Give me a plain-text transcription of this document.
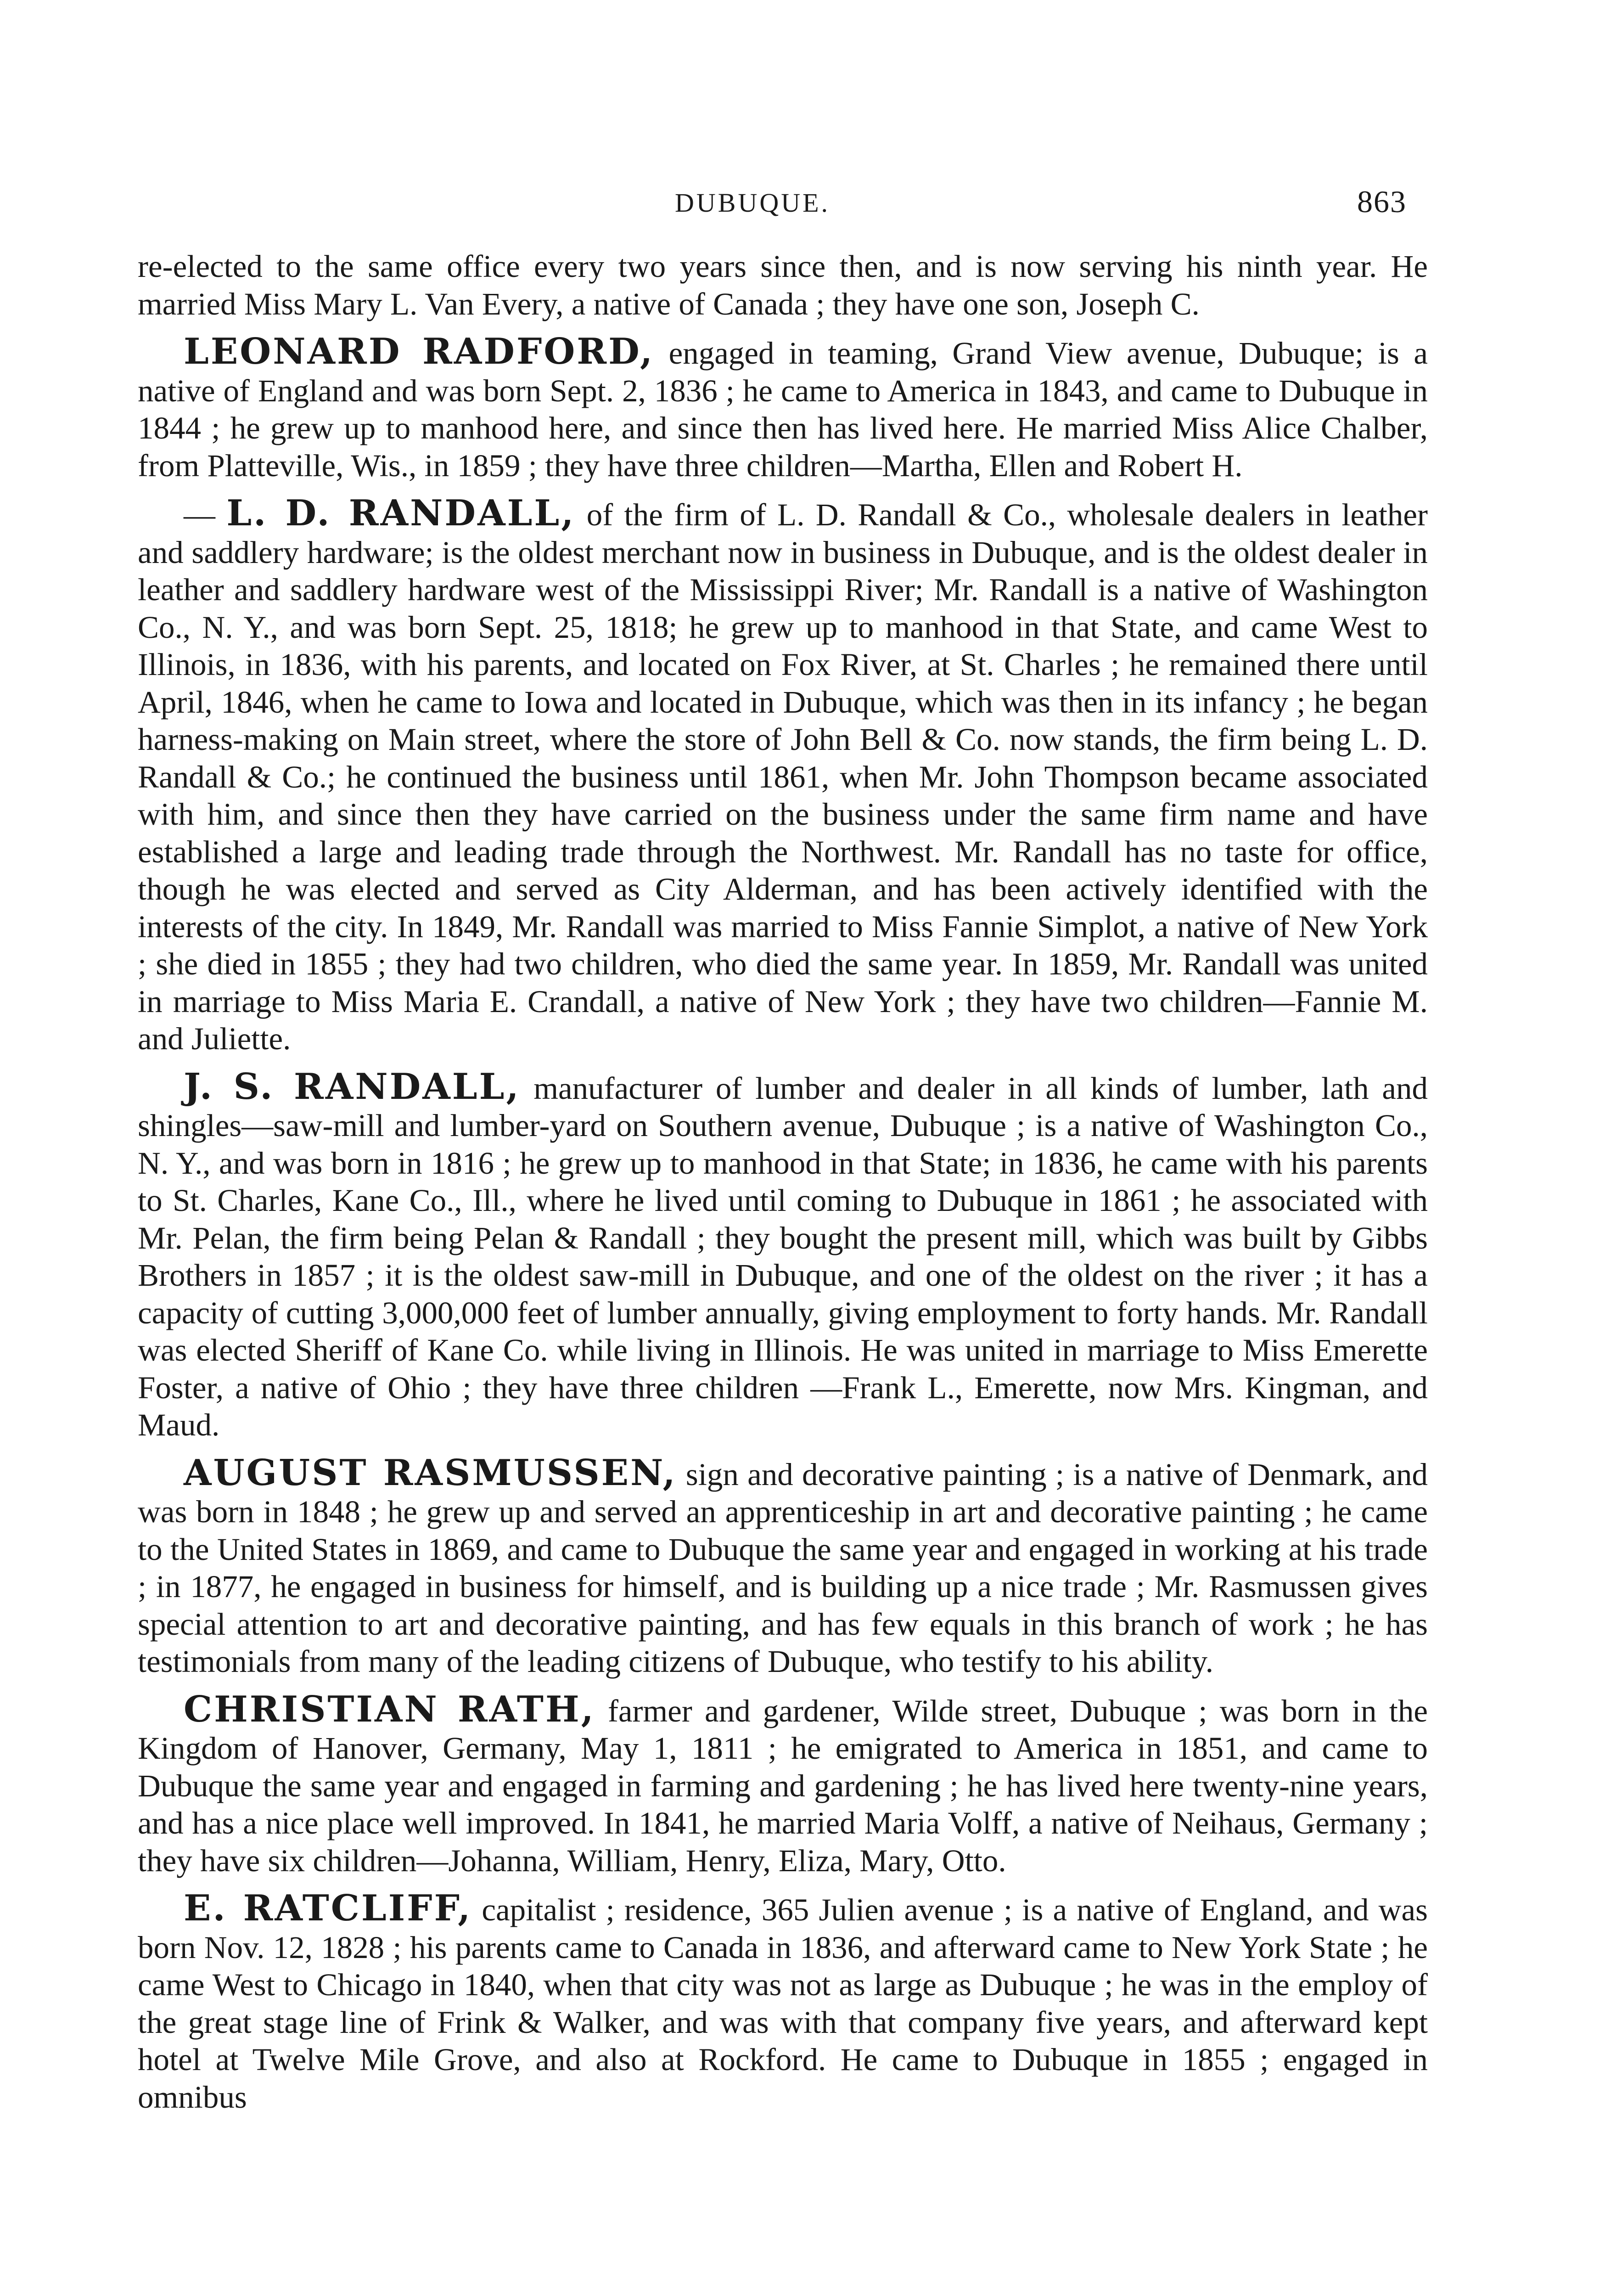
DUBUQUE.	863

re-elected to the same office every two years since then, and is now serving his ninth year. He married Miss Mary L. Van Every, a native of Canada ; they have one son, Joseph C.

LEONARD RADFORD, engaged in teaming, Grand View avenue, Dubuque; is a native of England and was born Sept. 2, 1836 ; he came to America in 1843, and came to Dubuque in 1844 ; he grew up to manhood here, and since then has lived here. He married Miss Alice Chalber, from Platteville, Wis., in 1859 ; they have three children—Martha, Ellen and Robert H.

— L. D. RANDALL, of the firm of L. D. Randall & Co., wholesale dealers in leather and saddlery hardware; is the oldest merchant now in business in Dubuque, and is the oldest dealer in leather and saddlery hardware west of the Mississippi River; Mr. Randall is a native of Washington Co., N. Y., and was born Sept. 25, 1818; he grew up to manhood in that State, and came West to Illinois, in 1836, with his parents, and located on Fox River, at St. Charles ; he remained there until April, 1846, when he came to Iowa and located in Dubuque, which was then in its infancy ; he began harness-making on Main street, where the store of John Bell & Co. now stands, the firm being L. D. Randall & Co.; he continued the business until 1861, when Mr. John Thompson became associated with him, and since then they have carried on the business under the same firm name and have established a large and leading trade through the Northwest. Mr. Randall has no taste for office, though he was elected and served as City Alderman, and has been actively identified with the interests of the city. In 1849, Mr. Randall was married to Miss Fannie Simplot, a native of New York ; she died in 1855 ; they had two children, who died the same year. In 1859, Mr. Randall was united in marriage to Miss Maria E. Crandall, a native of New York ; they have two children—Fannie M. and Juliette.

J. S. RANDALL, manufacturer of lumber and dealer in all kinds of lumber, lath and shingles—saw-mill and lumber-yard on Southern avenue, Dubuque ; is a native of Washington Co., N. Y., and was born in 1816 ; he grew up to manhood in that State; in 1836, he came with his parents to St. Charles, Kane Co., Ill., where he lived until coming to Dubuque in 1861 ; he associated with Mr. Pelan, the firm being Pelan & Randall ; they bought the present mill, which was built by Gibbs Brothers in 1857 ; it is the oldest saw-mill in Dubuque, and one of the oldest on the river ; it has a capacity of cutting 3,000,000 feet of lumber annually, giving employment to forty hands. Mr. Randall was elected Sheriff of Kane Co. while living in Illinois. He was united in marriage to Miss Emerette Foster, a native of Ohio ; they have three children —Frank L., Emerette, now Mrs. Kingman, and Maud.

AUGUST RASMUSSEN, sign and decorative painting ; is a native of Denmark, and was born in 1848 ; he grew up and served an apprenticeship in art and decorative painting ; he came to the United States in 1869, and came to Dubuque the same year and engaged in working at his trade ; in 1877, he engaged in business for himself, and is building up a nice trade ; Mr. Rasmussen gives special attention to art and decorative painting, and has few equals in this branch of work ; he has testimonials from many of the leading citizens of Dubuque, who testify to his ability.

CHRISTIAN RATH, farmer and gardener, Wilde street, Dubuque ; was born in the Kingdom of Hanover, Germany, May 1, 1811 ; he emigrated to America in 1851, and came to Dubuque the same year and engaged in farming and gardening ; he has lived here twenty-nine years, and has a nice place well improved. In 1841, he married Maria Volff, a native of Neihaus, Germany ; they have six children—Johanna, William, Henry, Eliza, Mary, Otto.

E. RATCLIFF, capitalist ; residence, 365 Julien avenue ; is a native of England, and was born Nov. 12, 1828 ; his parents came to Canada in 1836, and afterward came to New York State ; he came West to Chicago in 1840, when that city was not as large as Dubuque ; he was in the employ of the great stage line of Frink & Walker, and was with that company five years, and afterward kept hotel at Twelve Mile Grove, and also at Rockford. He came to Dubuque in 1855 ; engaged in omnibus
